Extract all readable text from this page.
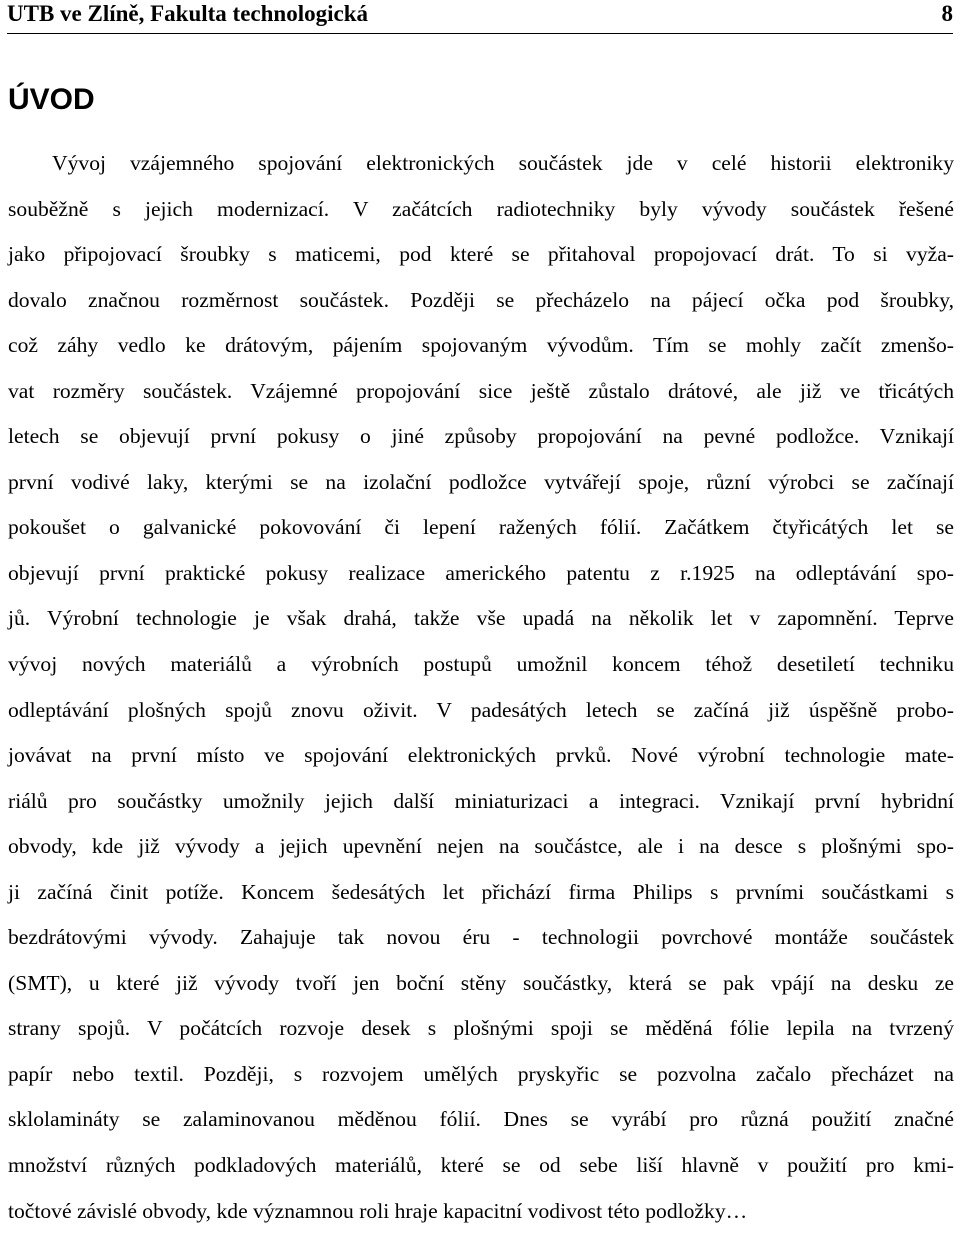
UTB ve Zlíně, Fakulta technologická	8
ÚVOD
Vývoj vzájemného spojování elektronických součástek jde v celé historii elektroniky
souběžně s jejich modernizací. V začátcích radiotechniky byly vývody součástek řešené
jako připojovací šroubky s maticemi, pod které se přitahoval propojovací drát. To si vyža-
dovalo značnou rozměrnost součástek. Později se přecházelo na pájecí očka pod šroubky,
což záhy vedlo ke drátovým, pájením spojovaným vývodům. Tím se mohly začít zmenšo-
vat rozměry součástek. Vzájemné propojování sice ještě zůstalo drátové, ale již ve třicátých
letech se objevují první pokusy o jiné způsoby propojování na pevné podložce. Vznikají
první vodivé laky, kterými se na izolační podložce vytvářejí spoje, různí výrobci se začínají
pokoušet o galvanické pokovování či lepení ražených fólií. Začátkem čtyřicátých let se
objevují první praktické pokusy realizace amerického patentu z r.1925 na odleptávání spo-
jů. Výrobní technologie je však drahá, takže vše upadá na několik let v zapomnění. Teprve
vývoj nových materiálů a výrobních postupů umožnil koncem téhož desetiletí techniku
odleptávání plošných spojů znovu oživit. V padesátých letech se začíná již úspěšně probo-
jovávat na první místo ve spojování elektronických prvků. Nové výrobní technologie mate-
riálů pro součástky umožnily jejich další miniaturizaci a integraci. Vznikají první hybridní
obvody, kde již vývody a jejich upevnění nejen na součástce, ale i na desce s plošnými spo-
ji začíná činit potíže. Koncem šedesátých let přichází firma Philips s prvními součástkami s
bezdrátovými vývody. Zahajuje tak novou éru - technologii povrchové montáže součástek
(SMT), u které již vývody tvoří jen boční stěny součástky, která se pak vpájí na desku ze
strany spojů. V počátcích rozvoje desek s plošnými spoji se měděná fólie lepila na tvrzený
papír nebo textil. Později, s rozvojem umělých pryskyřic se pozvolna začalo přecházet na
sklolamináty se zalaminovanou měděnou fólií. Dnes se vyrábí pro různá použití značné
množství různých podkladových materiálů, které se od sebe liší hlavně v použití pro kmi-
točtové závislé obvody, kde významnou roli hraje kapacitní vodivost této podložky…
